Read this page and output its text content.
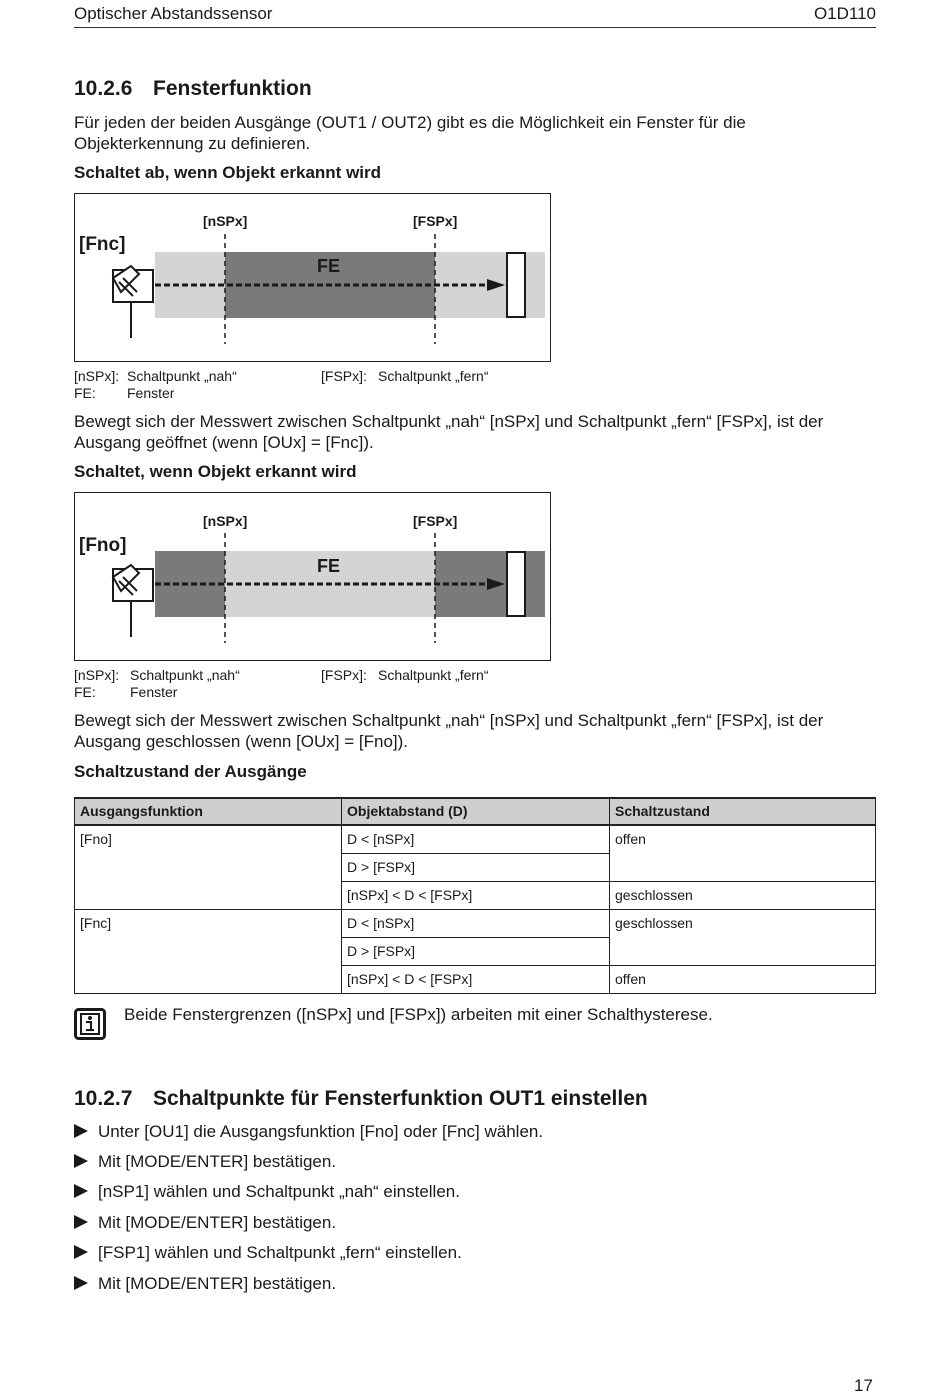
Optischer Abstandssensor	O1D110
10.2.6 Fensterfunktion
Für jeden der beiden Ausgänge (OUT1 / OUT2) gibt es die Möglichkeit ein Fenster für die Objekterkennung zu definieren.
Schaltet ab, wenn Objekt erkannt wird
[Fnc]
[nSPx]	[FSPx]
FE
[nSPx]: Schaltpunkt „nah“	[FSPx]: Schaltpunkt „fern“
FE: Fenster
Bewegt sich der Messwert zwischen Schaltpunkt „nah“ [nSPx] und Schaltpunkt „fern“ [FSPx], ist der Ausgang geöffnet (wenn [OUx] = [Fnc]).
Schaltet, wenn Objekt erkannt wird
[Fno]
[nSPx]	[FSPx]
FE
[nSPx]: Schaltpunkt „nah“	[FSPx]: Schaltpunkt „fern“
FE: Fenster
Bewegt sich der Messwert zwischen Schaltpunkt „nah“ [nSPx] und Schaltpunkt „fern“ [FSPx], ist der Ausgang geschlossen (wenn [OUx] = [Fno]).
Schaltzustand der Ausgänge
Ausgangsfunktion	Objektabstand (D)	Schaltzustand
[Fno]	D < [nSPx]	offen
	D > [FSPx]	
	[nSPx] < D < [FSPx]	geschlossen
[Fnc]	D < [nSPx]	geschlossen
	D > [FSPx]	
	[nSPx] < D < [FSPx]	offen
Beide Fenstergrenzen ([nSPx] und [FSPx]) arbeiten mit einer Schalthysterese.
10.2.7 Schaltpunkte für Fensterfunktion OUT1 einstellen
Unter [OU1] die Ausgangsfunktion [Fno] oder [Fnc] wählen.
Mit [MODE/ENTER] bestätigen.
[nSP1] wählen und Schaltpunkt „nah“ einstellen.
Mit [MODE/ENTER] bestätigen.
[FSP1] wählen und Schaltpunkt „fern“ einstellen.
Mit [MODE/ENTER] bestätigen.
17
